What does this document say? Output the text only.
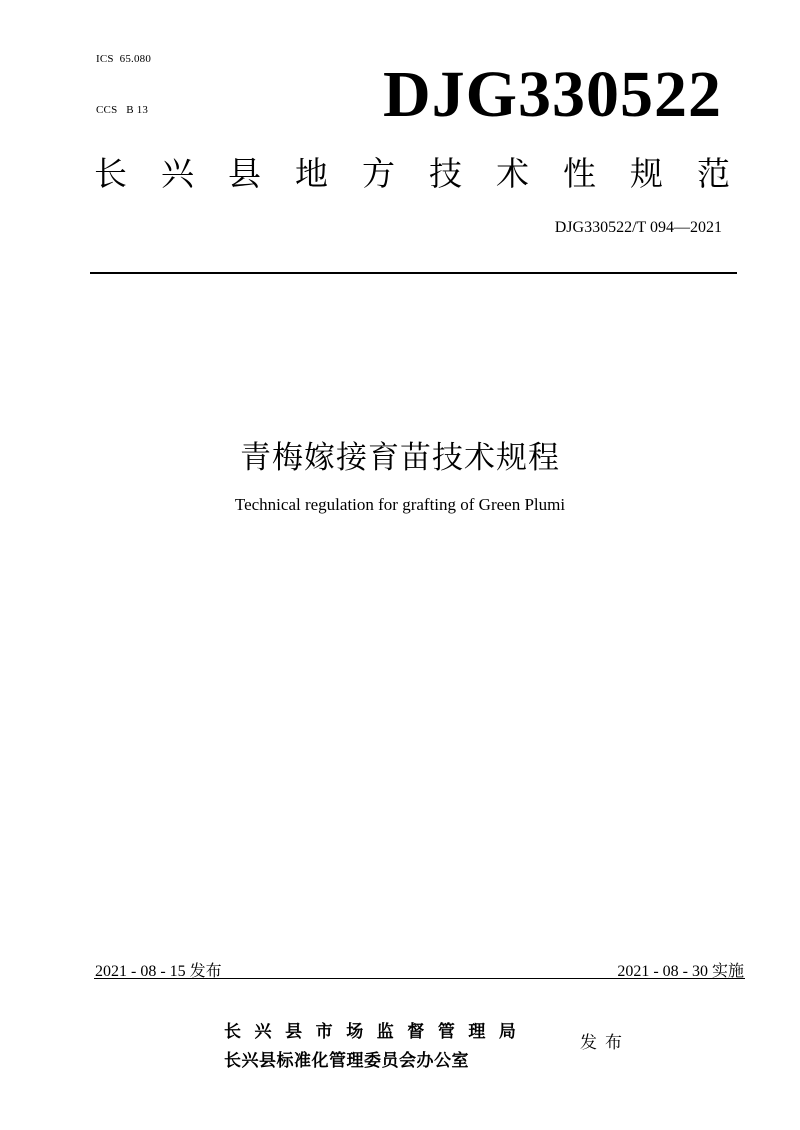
ICS  65.080
CCS   B 13	DJG330522
长 兴 县 地 方 技 术 性 规 范
DJG330522/T 094—2021
青梅嫁接育苗技术规程
Technical regulation for grafting of Green Plumi
2021 - 08 - 15 发布	2021 - 08 - 30 实施
长 兴 县 市 场 监 督 管 理 局
长兴县标准化管理委员会办公室
发布
